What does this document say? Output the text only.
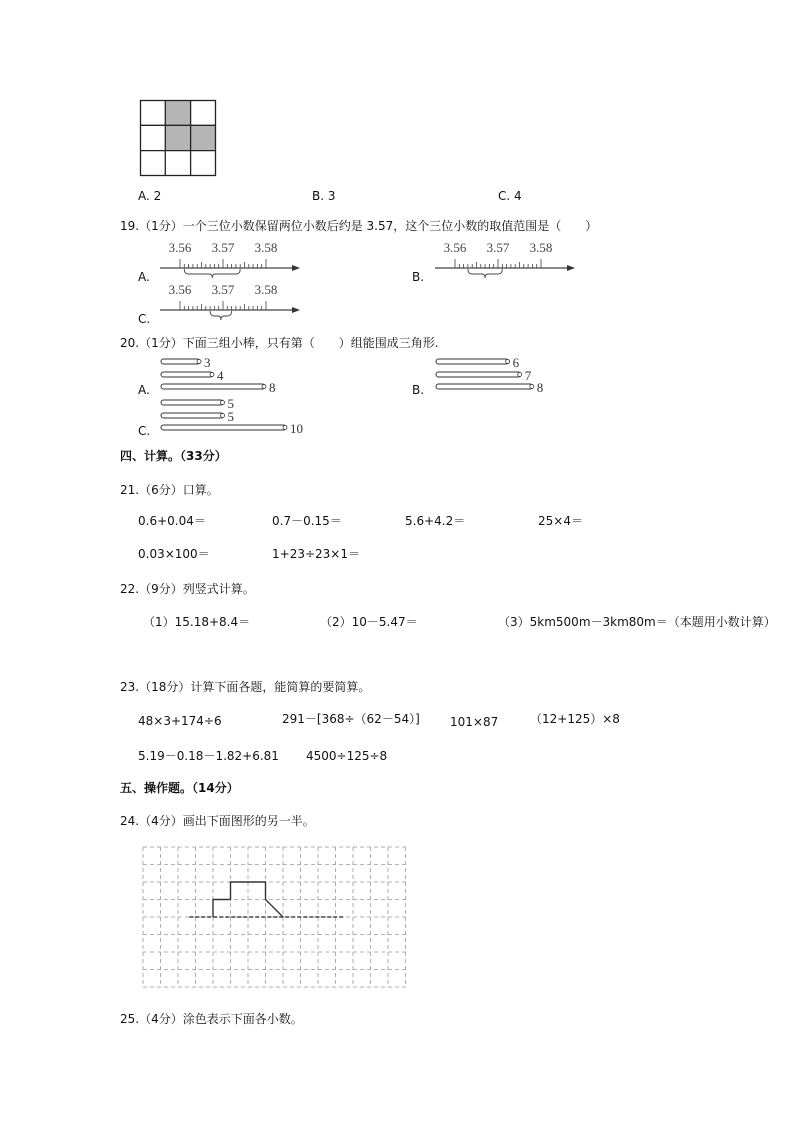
A. 2	B. 3	C. 4
19.（1分）一个三位小数保留两位小数后约是 3.57，这个三位小数的取值范围是（　　）
3.56 3.57 3.58	3.56 3.57 3.58
3.56 3.57 3.58
A.	B.
C.
20.（1分）下面三组小棒，只有第（　　）组能围成三角形.
3
4
8
6
7
8
5
5
10
四、计算。（33分）
21.（6分）口算。
0.6+0.04＝	0.7－0.15＝	5.6+4.2＝	25×4＝
0.03×100＝	1+23÷23×1＝
22.（9分）列竖式计算。
（1）15.18+8.4＝	（2）10－5.47＝	（3）5km500m－3km80m＝（本题用小数计算）
23.（18分）计算下面各题，能简算的要简算。
48×3+174÷6	291－[368÷（62－54）]	101×87	（12+125）×8
5.19－0.18－1.82+6.81 4500÷125÷8
五、操作题。（14分）
24.（4分）画出下面图形的另一半。
25.（4分）涂色表示下面各小数。
A.	B.
C.
